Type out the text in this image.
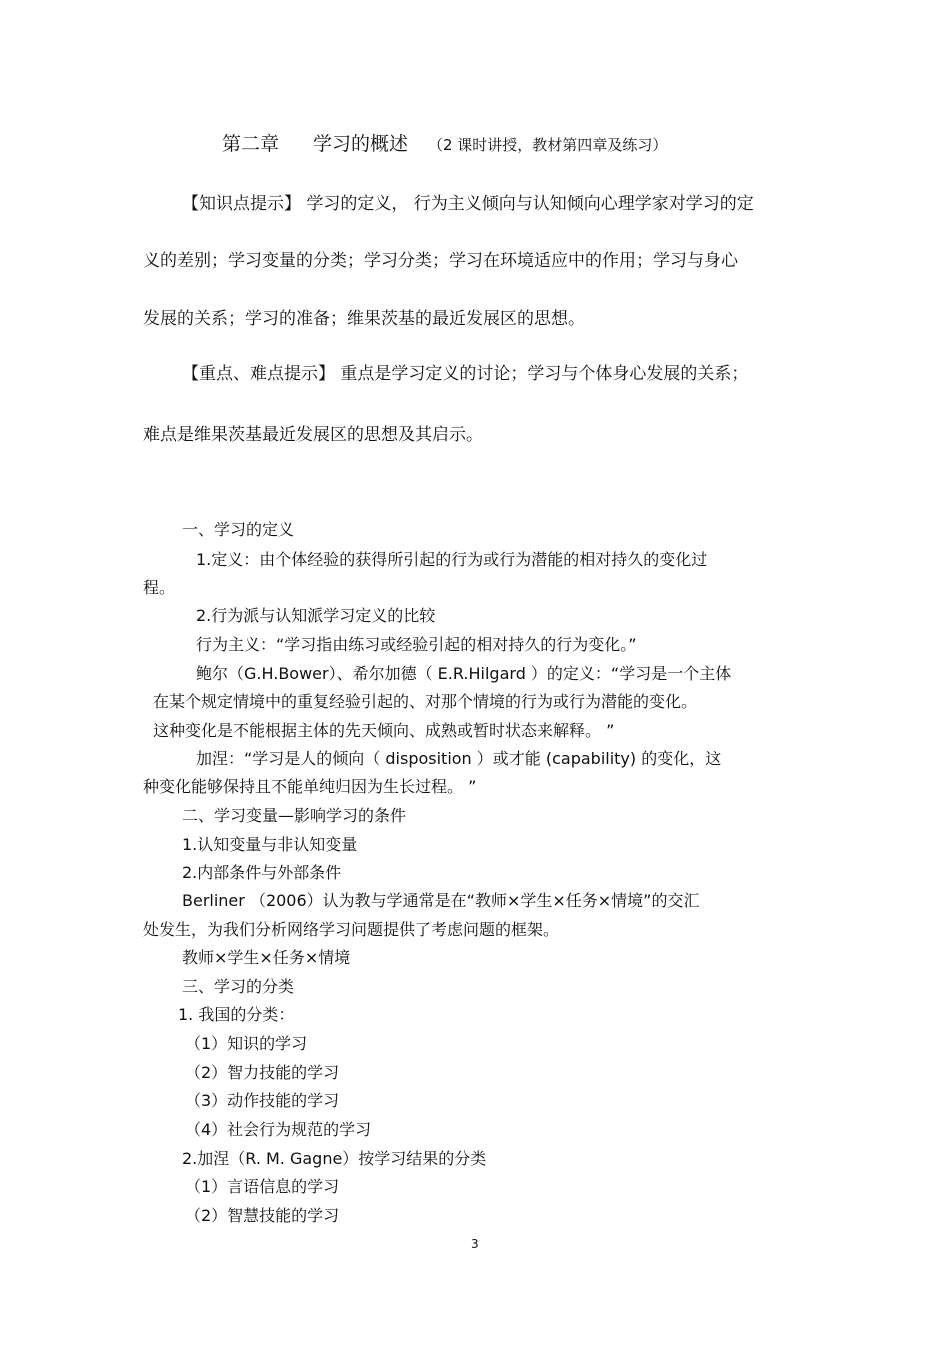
第二章 学习的概述 （2 课时讲授，教材第四章及练习）
【知识点提示】 学习的定义， 行为主义倾向与认知倾向心理学家对学习的定
义的差别；学习变量的分类；学习分类；学习在环境适应中的作用；学习与身心
发展的关系；学习的准备；维果茨基的最近发展区的思想。
【重点、难点提示】 重点是学习定义的讨论；学习与个体身心发展的关系；
难点是维果茨基最近发展区的思想及其启示。
一、学习的定义
1.定义：由个体经验的获得所引起的行为或行为潜能的相对持久的变化过
程。
2.行为派与认知派学习定义的比较
行为主义：“学习指由练习或经验引起的相对持久的行为变化。”
鲍尔（G.H.Bower）、希尔加德（ E.R.Hilgard ）的定义：“学习是一个主体
在某个规定情境中的重复经验引起的、对那个情境的行为或行为潜能的变化。
这种变化是不能根据主体的先天倾向、成熟或暂时状态来解释。 ”
加涅：“学习是人的倾向（ disposition ）或才能 (capability) 的变化，这
种变化能够保持且不能单纯归因为生长过程。 ”
二、学习变量—影响学习的条件
1.认知变量与非认知变量
2.内部条件与外部条件
Berliner （2006）认为教与学通常是在“教师×学生×任务×情境”的交汇
处发生，为我们分析网络学习问题提供了考虑问题的框架。
教师×学生×任务×情境
三、学习的分类
1. 我国的分类：
（1）知识的学习
（2）智力技能的学习
（3）动作技能的学习
（4）社会行为规范的学习
2.加涅（R. M. Gagne）按学习结果的分类
（1）言语信息的学习
（2）智慧技能的学习
3
